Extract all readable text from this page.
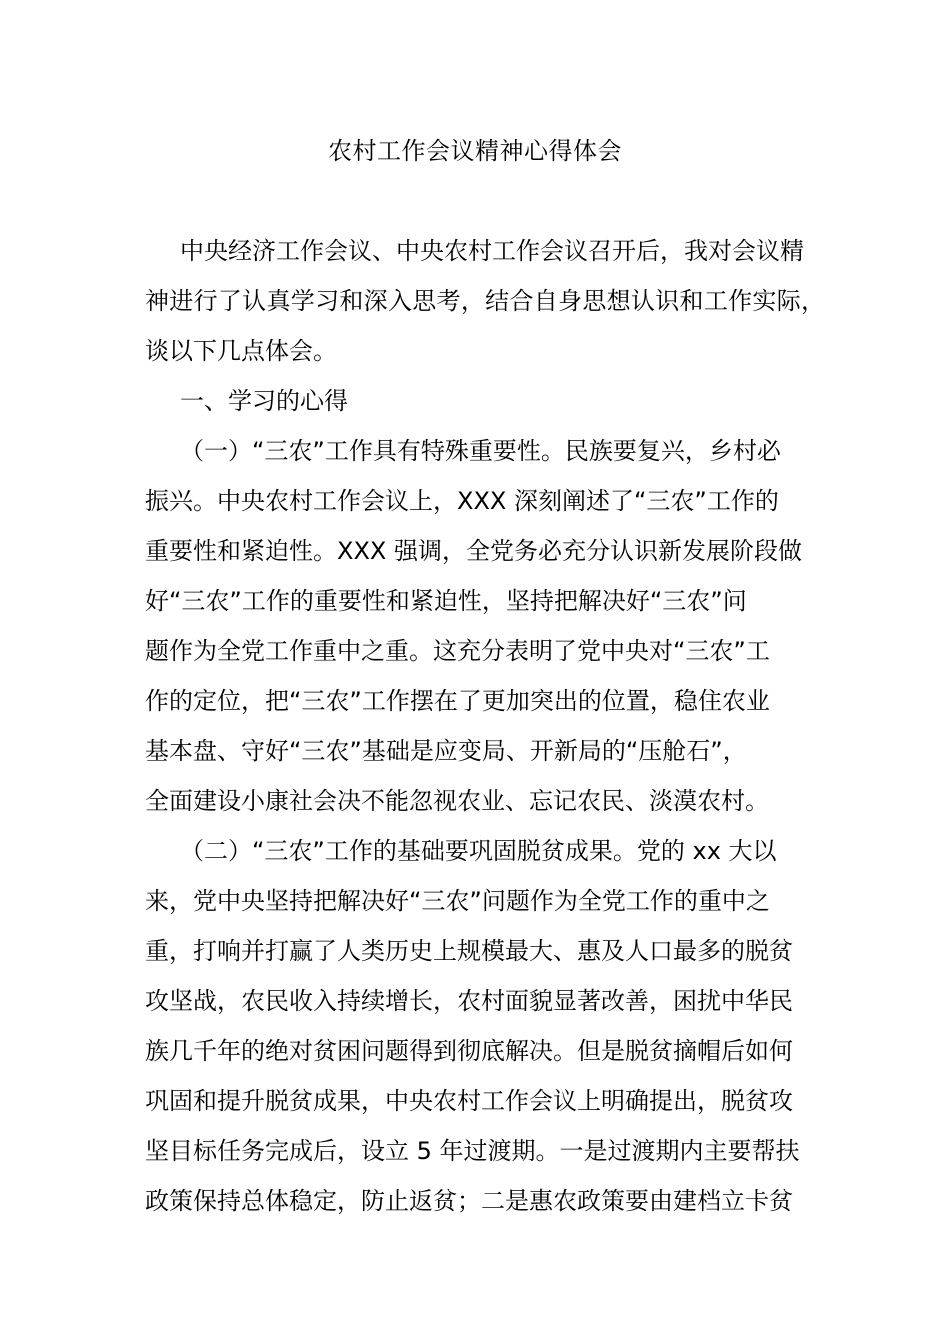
农村工作会议精神心得体会
中央经济工作会议、中央农村工作会议召开后，我对会议精
神进行了认真学习和深入思考，结合自身思想认识和工作实际，
谈以下几点体会。
一、学习的心得
（一）“三农”工作具有特殊重要性。民族要复兴，乡村必
振兴。中央农村工作会议上，XXX 深刻阐述了“三农”工作的
重要性和紧迫性。XXX 强调，全党务必充分认识新发展阶段做
好“三农”工作的重要性和紧迫性，坚持把解决好“三农”问
题作为全党工作重中之重。这充分表明了党中央对“三农”工
作的定位，把“三农”工作摆在了更加突出的位置，稳住农业
基本盘、守好“三农”基础是应变局、开新局的“压舱石”，
全面建设小康社会决不能忽视农业、忘记农民、淡漠农村。
（二）“三农”工作的基础要巩固脱贫成果。党的 xx 大以
来，党中央坚持把解决好“三农”问题作为全党工作的重中之
重，打响并打赢了人类历史上规模最大、惠及人口最多的脱贫
攻坚战，农民收入持续增长，农村面貌显著改善，困扰中华民
族几千年的绝对贫困问题得到彻底解决。但是脱贫摘帽后如何
巩固和提升脱贫成果，中央农村工作会议上明确提出，脱贫攻
坚目标任务完成后，设立 5 年过渡期。一是过渡期内主要帮扶
政策保持总体稳定，防止返贫；二是惠农政策要由建档立卡贫
